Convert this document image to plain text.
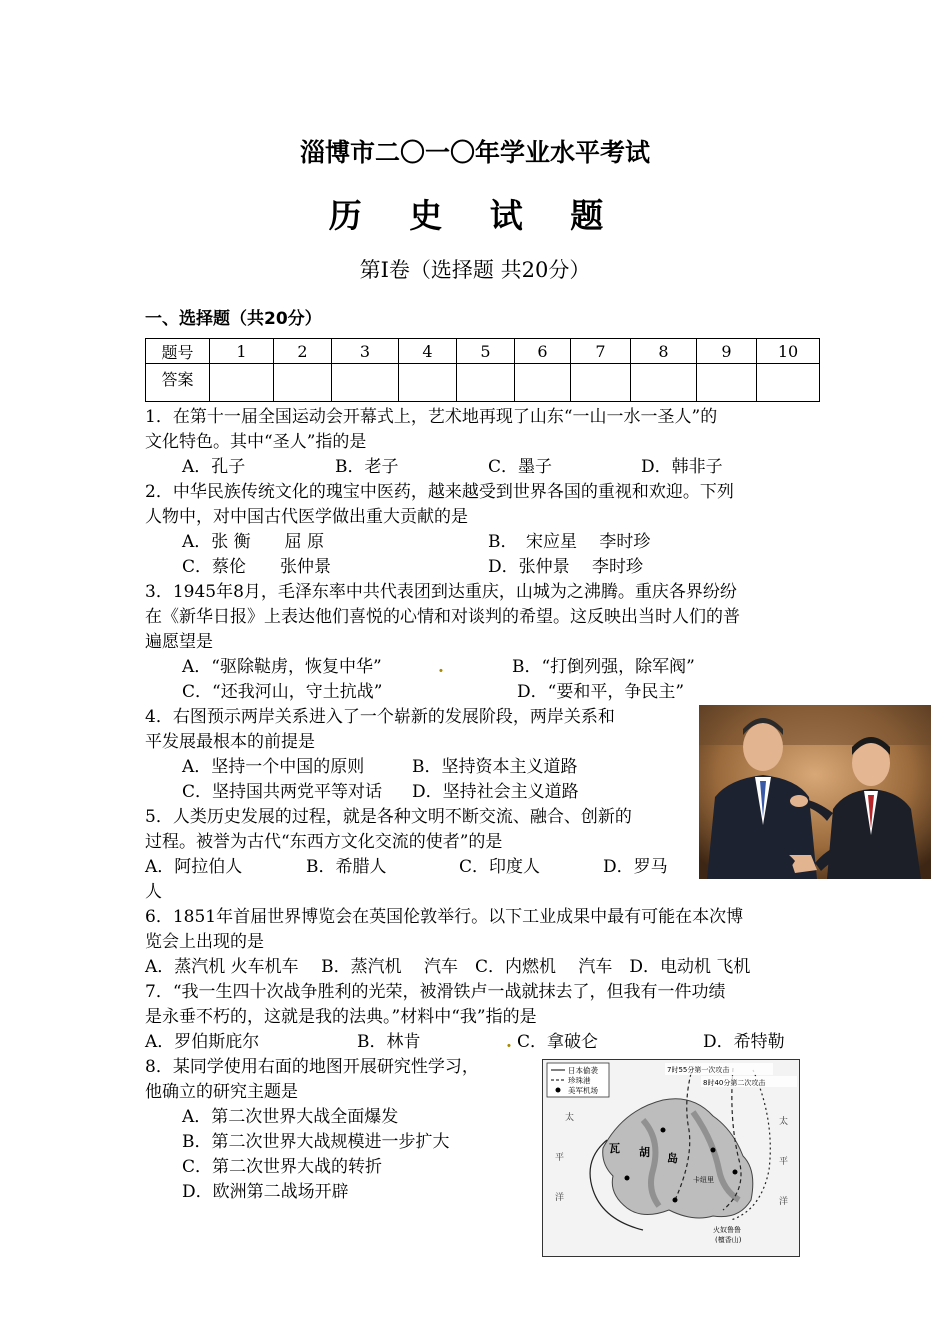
淄博市二〇一〇年学业水平考试
历 史 试 题
第Ⅰ卷（选择题 共20分）
一、选择题（共20分）
题号	1	2	3	4	5	6	7	8	9	10
答案										
1．在第十一届全国运动会开幕式上，艺术地再现了山东“一山一水一圣人”的
文化特色。其中“圣人”指的是
A．孔子	B．老子	C．墨子	D．韩非子
2．中华民族传统文化的瑰宝中医药，越来越受到世界各国的重视和欢迎。下列
人物中，对中国古代医学做出重大贡献的是
A．张 衡　　屈 原	B．　宋应星　 李时珍
C．蔡伦　　张仲景	D．张仲景　 李时珍
3．1945年8月，毛泽东率中共代表团到达重庆，山城为之沸腾。重庆各界纷纷
在《新华日报》上表达他们喜悦的心情和对谈判的希望。这反映出当时人们的普
遍愿望是
A．“驱除鞑虏，恢复中华”	.	B．“打倒列强，除军阀”
C．“还我河山，守土抗战”	D．“要和平，争民主”
4．右图预示两岸关系进入了一个崭新的发展阶段，两岸关系和
平发展最根本的前提是
A．坚持一个中国的原则	B．坚持资本主义道路
C．坚持国共两党平等对话 D．坚持社会主义道路
5．人类历史发展的过程，就是各种文明不断交流、融合、创新的
过程。被誉为古代“东西方文化交流的使者”的是
A．阿拉伯人	B．希腊人	C．印度人	D．罗马
人
6．1851年首届世界博览会在英国伦敦举行。以下工业成果中最有可能在本次博
览会上出现的是
A．蒸汽机 火车机车　 B．蒸汽机　 汽车　C．内燃机　 汽车　D．电动机 飞机
7．“我一生四十次战争胜利的光荣，被滑铁卢一战就抹去了，但我有一件功绩
是永垂不朽的，这就是我的法典。”材料中“我”指的是
A．罗伯斯庇尔	B．林肯	. C．拿破仑	D．希特勒
8．某同学使用右面的地图开展研究性学习，
他确立的研究主题是
A．第二次世界大战全面爆发
B．第二次世界大战规模进一步扩大
C．第二次世界大战的转折
D．欧洲第二战场开辟
日本偷袭
珍珠港
美军机场
7时55分第一次攻击
8时40分第二次攻击
太
平
洋
太
平
洋
瓦 胡 岛
卡纽里
火奴鲁鲁
(檀香山)
